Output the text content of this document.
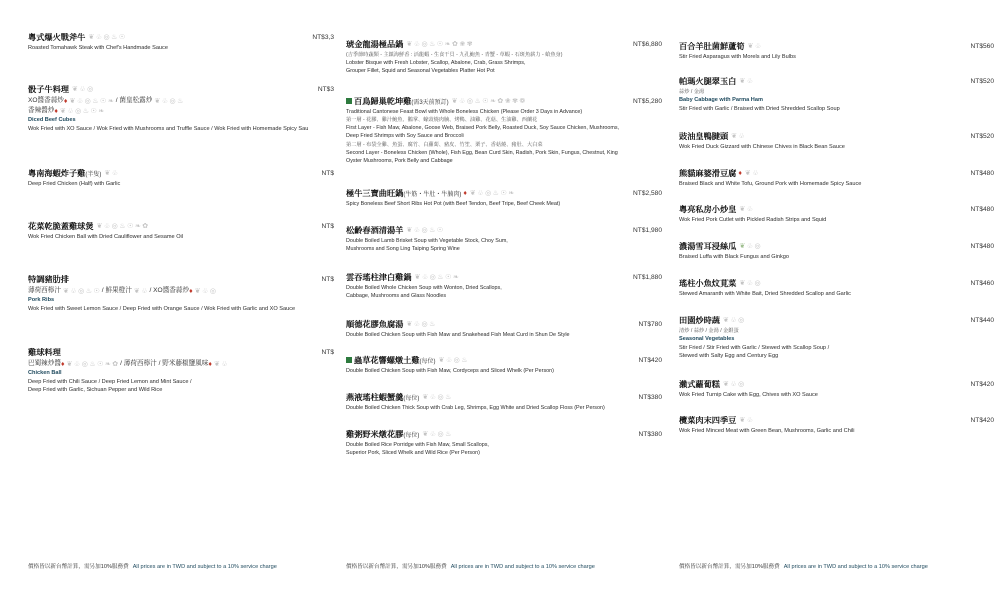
粵式爆火戰斧牛 ❦ ♧ ◎ ♨ ☉	NT$3,3
Roasted Tomahawk Steak with Chef's Handmade Sauce
骰子牛料理 ❦ ♧ ◎	NT$3
XO醬香蒜炒 ♦ ❦ ♧ ◎ ♨ ☉ ❧ / 菌皇松露炒 ❦ ♧ ◎ ♨
香辣醬炒 ♦ ❦ ♧ ◎ ♨ ☉ ❧
Diced Beef Cubes
Wok Fried with XO Sauce / Wok Fried with Mushrooms and Truffle Sauce / Wok Fried with Homemade Spicy Sau
粵南海蝦炸子雞 (半隻) ❦ ♧	NT$
Deep Fried Chicken (Half) with Garlic
花菜乾脆蓋雞球煲 ❦ ♧ ◎ ♨ ☉ ❧ ✿	NT$
Wok Fried Chicken Ball with Dried Cauliflower and Sesame Oil
特調豬肋排	NT$
薄荷西檸汁 ❦ ♧ ◎ ♨ ☉ / 鮮果橙汁 ❦ ♧ / XO醬香蒜炒 ♦ ❦ ♧ ◎
Pork Ribs
Wok Fried with Sweet Lemon Sauce / Deep Fried with Orange Sauce / Wok Fried with Garlic and XO Sauce
雞球料理	NT$
巴蜀辣炒醬 ♦ ❦ ♧ ◎ ♨ ☉ ❧ ✿ / 薄荷西檸汁 / 野米藤椒鹽風味 ♦ ❦ ♧
Chicken Ball
Deep Fried with Chili Sauce / Deep Fried Lemon and Mint Sauce /
Deep Fried with Garlic, Sichuan Pepper and Wild Rice
價格皆以新台幣計算，需另加10%服務費 All prices are in TWD and subject to a 10% service charge
琥金龍湯極品鍋 ❦ ♧ ◎ ♨ ☉ ❧ ✿ ❀ ✾	NT$6,880
(吉季節時蔬類 - 主鎮海鮮香 : 活龍蝦 - 生食干貝 - 九孔鮑魚 - 青蟹 - 草蝦 - 石斑魚薪力 - 蛤魚身)
Lobster Bisque with Fresh Lobster, Scallop, Abalone, Crab, Grass Shrimps,
Grouper Fillet, Squid and Seasonal Vegetables Platter Hot Pot
百鳥歸巢乾坤雞 (需3天前預訂) ❦ ♧ ◎ ♨ ☉ ❧ ✿ ❀ ✾ ❁	NT$5,280
Traditional Cantonese Feast Bowl with Whole Boneless Chicken (Please Order 3 Days in Advance)
第一層 - 花膠、雞汁鮑魚、鵝掌、蠔豉燒肉腩、烤鴨、油雞、花菇、生油雞、西蘭花
First Layer - Fish Maw, Abalone, Goose Web, Braised Pork Belly, Roasted Duck, Soy Sauce Chicken, Mushrooms,
Deep Fried Shrimps with Soy Sauce and Broccoli
第二層 - 布袋全雞、魚蛋、腐竹、白蘿蔔、豬皮、竹笙、栗子、香菇燒、豬肚、大白菜
Second Layer - Boneless Chicken (Whole), Fish Egg, Bean Curd Skin, Radish, Pork Skin, Fungus, Chestnut, King
Oyster Mushrooms, Pork Belly and Cabbage
極牛三寶曲旺鍋 (牛筋・牛肚・牛腩肉) ♦ ❦ ♧ ◎ ♨ ☉ ❧	NT$2,580
Spicy Boneless Beef Short Ribs Hot Pot (with Beef Tendon, Beef Tripe, Beef Cheek Meat)
松齡春酒清湯羊 ❦ ♧ ◎ ♨ ☉	NT$1,980
Double Boiled Lamb Brisket Soup with Vegetable Stock, Choy Sum,
Mushrooms and Song Ling Taiping Spring Wine
雲吞瑤柱津白雞鍋 ❦ ♧ ◎ ♨ ☉ ❧	NT$1,880
Double Boiled Whole Chicken Soup with Wonton, Dried Scallops,
Cabbage, Mushrooms and Glass Noodles
順德花膠魚腐湯 ❦ ♧ ◎ ♨	NT$780
Double Boiled Chicken Soup with Fish Maw and Snakehead Fish Meat Curd in Shun De Style
蟲草花響螺燉土雞 (每位) ❦ ♧ ◎ ♨	NT$420
Double Boiled Chicken Soup with Fish Maw, Cordyceps and Sliced Whelk (Per Person)
燕液瑤柱蝦蟹羹 (每位) ❦ ♧ ◎ ♨	NT$380
Double Boiled Chicken Thick Soup with Crab Leg, Shrimps, Egg White and Dried Scallop Floss (Per Person)
雞粥野米燉花膠 (每位) ❦ ♧ ◎ ♨	NT$380
Double Boiled Rice Porridge with Fish Maw, Small Scallops,
Superior Pork, Sliced Whelk and Wild Rice (Per Person)
價格皆以新台幣計算，需另加10%服務費 All prices are in TWD and subject to a 10% service charge
百合羊肚菌鮮蘆筍 ❦ ♧	NT$560
Stir Fried Asparagus with Morels and Lily Bulbs
帕瑪火腿翠玉白 ❦ ♧	NT$520
蒜炒 / 金湯
Baby Cabbage with Parma Ham
Stir Fried with Garlic / Braised with Dried Shredded Scallop Soup
豉油皇鴨腱頭 ❦ ♧	NT$520
Wok Fried Duck Gizzard with Chinese Chives in Black Bean Sauce
熊貓麻婆滑豆腐 ♦ ❦ ♧	NT$480
Braised Black and White Tofu, Ground Pork with Homemade Spicy Sauce
粵亮私房小炒皇 ❦ ♧	NT$480
Wok Fried Pork Cutlet with Pickled Radish Strips and Squid
濃湯雪耳浸絲瓜 ❦ ♧ ◎	NT$480
Braised Luffa with Black Fungus and Ginkgo
瑤柱小魚炆莧菜 ❦ ♧ ◎	NT$460
Stewed Amaranth with White Bait, Dried Shredded Scallop and Garlic
田園炒時蔬 ❦ ♧ ◎	NT$440
清炒 / 蒜炒 / 金湯 / 金銀蛋
Seasonal Vegetables
Stir Fried / Stir Fried with Garlic / Stewed with Scallop Soup /
Stewed with Salty Egg and Century Egg
瀨式蘿蔔糕 ❦ ♧ ◎	NT$420
Wok Fried Turnip Cake with Egg, Chives with XO Sauce
欖菜肉末四季豆 ❦ ♧	NT$420
Wok Fried Minced Meat with Green Bean, Mushrooms, Garlic and Chili
價格皆以新台幣計算，需另加10%服務費 All prices are in TWD and subject to a 10% service charge
